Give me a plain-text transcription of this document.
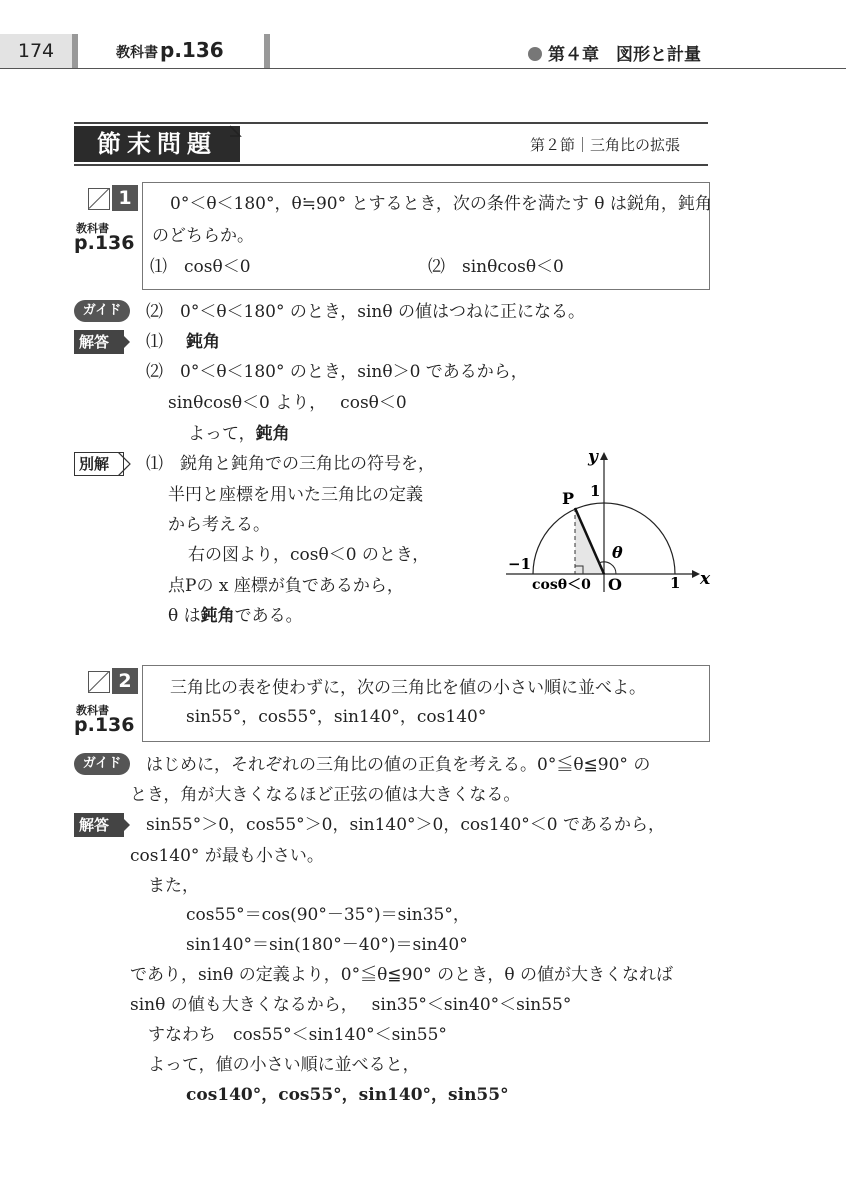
174	教科書 p.136	第４章　図形と計量
節末問題	第２節｜三角比の拡張
1
教科書
p.136
0°＜θ＜180°，θ≒90° とするとき，次の条件を満たす θ は鋭角，鈍角
のどちらか。
⑴　cosθ＜0	⑵　sinθcosθ＜0
ガイド	⑵　0°＜θ＜180° のとき，sinθ の値はつねに正になる。
解答	⑴ 鈍角
⑵　0°＜θ＜180° のとき，sinθ＞0 であるから，
sinθcosθ＜0 より，　 cosθ＜0
よって，鈍角
別解	⑴　鋭角と鈍角での三角比の符号を，
半円と座標を用いた三角比の定義
から考える。
右の図より，cosθ＜0 のとき，
点Pの x 座標が負であるから，
θ は鈍角である。
y
x
1
−1
1
P
θ
O
cosθ＜0
2
教科書
p.136
三角比の表を使わずに，次の三角比を値の小さい順に並べよ。
sin55°，cos55°，sin140°，cos140°
ガイド	はじめに，それぞれの三角比の値の正負を考える。0°≦θ≦90° の
とき，角が大きくなるほど正弦の値は大きくなる。
解答	sin55°＞0，cos55°＞0，sin140°＞0，cos140°＜0 であるから，
cos140° が最も小さい。
また，
cos55°＝cos(90°－35°)＝sin35°，
sin140°＝sin(180°－40°)＝sin40°
であり，sinθ の定義より，0°≦θ≦90° のとき，θ の値が大きくなれば
sinθ の値も大きくなるから，　 sin35°＜sin40°＜sin55°
すなわち　cos55°＜sin140°＜sin55°
よって，値の小さい順に並べると，
cos140°，cos55°，sin140°，sin55°
